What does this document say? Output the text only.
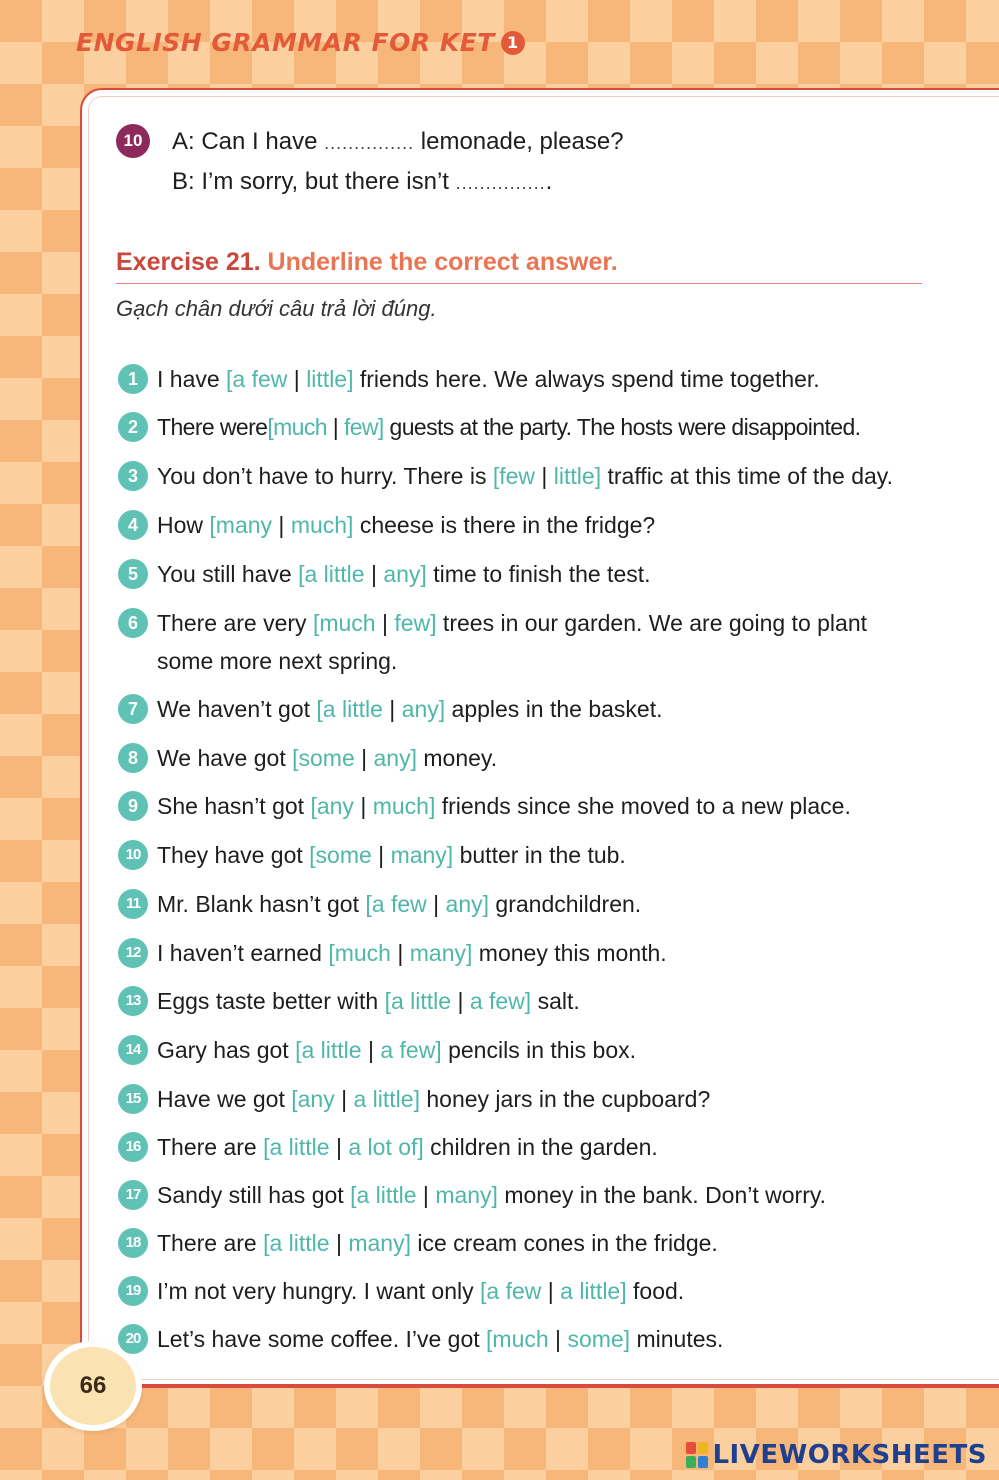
ENGLISH GRAMMAR FOR KET 1
10	A: Can I have ............... lemonade, please?
B: I’m sorry, but there isn’t ................
Exercise 21. Underline the correct answer.
Gạch chân dưới câu trả lời đúng.
1 I have [a few | little] friends here. We always spend time together.
2 There were[much | few] guests at the party. The hosts were disappointed.
3 You don’t have to hurry. There is [few | little] traffic at this time of the day.
4 How [many | much] cheese is there in the fridge?
5 You still have [a little | any] time to finish the test.
6 There are very [much | few] trees in our garden. We are going to plant
some more next spring.
7 We haven’t got [a little | any] apples in the basket.
8 We have got [some | any] money.
9 She hasn’t got [any | much] friends since she moved to a new place.
10 They have got [some | many] butter in the tub.
11 Mr. Blank hasn’t got [a few | any] grandchildren.
12 I haven’t earned [much | many] money this month.
13 Eggs taste better with [a little | a few] salt.
14 Gary has got [a little | a few] pencils in this box.
15 Have we got [any | a little] honey jars in the cupboard?
16 There are [a little | a lot of] children in the garden.
17 Sandy still has got [a little | many] money in the bank. Don’t worry.
18 There are [a little | many] ice cream cones in the fridge.
19 I’m not very hungry. I want only [a few | a little] food.
20 Let’s have some coffee. I’ve got [much | some] minutes.
66
LIVEWORKSHEETS
